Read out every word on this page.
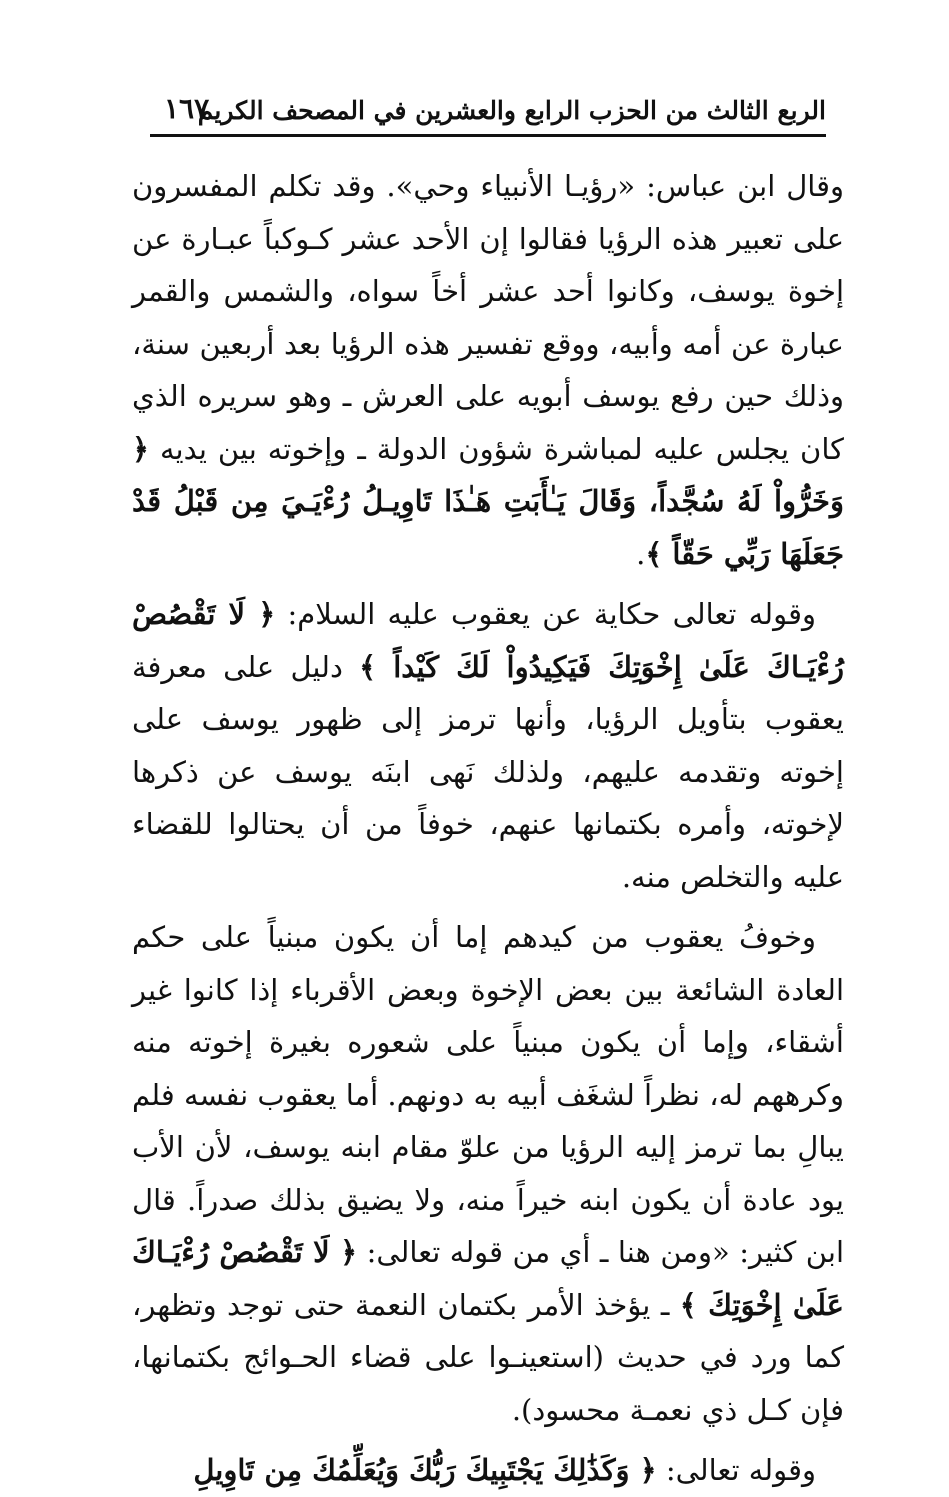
الربع الثالث من الحزب الرابع والعشرين في المصحف الكريم
١٦٧

وقال ابن عباس: «رؤيـا الأنبياء وحي». وقد تكلم المفسرون على تعبير هذه الرؤيا فقالوا إن الأحد عشر كـوكباً عبـارة عن إخوة يوسف، وكانوا أحد عشر أخاً سواه، والشمس والقمر عبارة عن أمه وأبيه، ووقع تفسير هذه الرؤيا بعد أربعين سنة، وذلك حين رفع يوسف أبويه على العرش ـ وهو سريره الذي كان يجلس عليه لمباشرة شؤون الدولة ـ وإخوته بين يديه ﴿ وَخَرُّواْ لَهُ سُجَّداً، وَقَالَ يَـٰأَبَتِ هَـٰذَا تَاوِيـلُ رُءْيَـيَ مِن قَبْلُ قَدْ جَعَلَهَا رَبِّي حَقّاً ﴾.

وقوله تعالى حكاية عن يعقوب عليه السلام: ﴿ لَا تَقْصُصْ رُءْيَـاكَ عَلَىٰ إِخْوَتِكَ فَيَكِيدُواْ لَكَ كَيْداً ﴾ دليل على معرفة يعقوب بتأويل الرؤيا، وأنها ترمز إلى ظهور يوسف على إخوته وتقدمه عليهم، ولذلك نَهى ابنَه يوسف عن ذكرها لإخوته، وأمره بكتمانها عنهم، خوفاً من أن يحتالوا للقضاء عليه والتخلص منه.

وخوفُ يعقوب من كيدهم إما أن يكون مبنياً على حكم العادة الشائعة بين بعض الإخوة وبعض الأقرباء إذا كانوا غير أشقاء، وإما أن يكون مبنياً على شعوره بغيرة إخوته منه وكرههم له، نظراً لشغَف أبيه به دونهم. أما يعقوب نفسه فلم يبالِ بما ترمز إليه الرؤيا من علوّ مقام ابنه يوسف، لأن الأب يود عادة أن يكون ابنه خيراً منه، ولا يضيق بذلك صدراً. قال ابن كثير: «ومن هنا ـ أي من قوله تعالى: ﴿ لَا تَقْصُصْ رُءْيَـاكَ عَلَىٰ إِخْوَتِكَ ﴾ ـ يؤخذ الأمر بكتمان النعمة حتى توجد وتظهر، كما ورد في حديث (استعينـوا على قضاء الحـوائج بكتمانها، فإن كـل ذي نعمـة محسود).

وقوله تعالى: ﴿ وَكَذَٰلِكَ يَجْتَبِيكَ رَبُّكَ وَيُعَلِّمُكَ مِن تَاوِيلِ
